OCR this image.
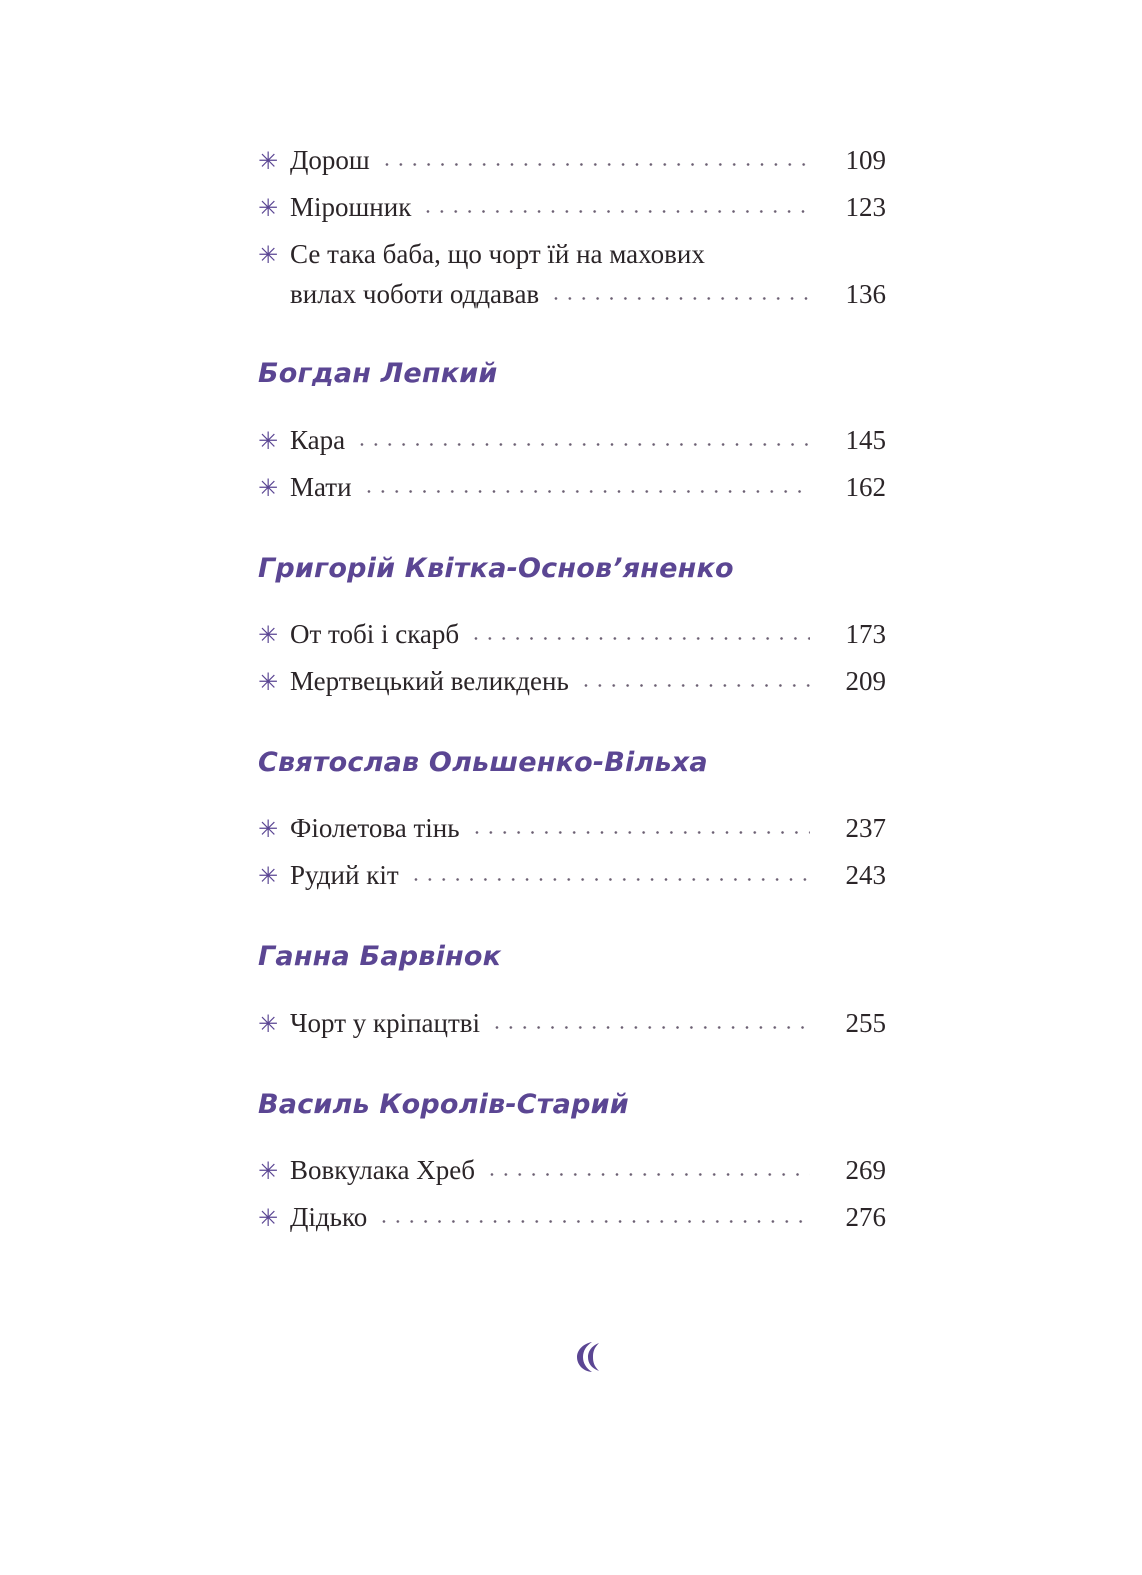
✳ Дорош	109
✳ Мірошник	123
✳ Се така баба, що чорт їй на махових
вилах чоботи оддавав	136
Богдан Лепкий
✳ Кара	145
✳ Мати	162
Григорій Квітка-Основ’яненко
✳ От тобі і скарб	173
✳ Мертвецький великдень	209
Святослав Ольшенко-Вільха
✳ Фіолетова тінь	237
✳ Рудий кіт	243
Ганна Барвінок
✳ Чорт у кріпацтві	255
Василь Королів-Старий
✳ Вовкулака Хреб	269
✳ Дідько	276
